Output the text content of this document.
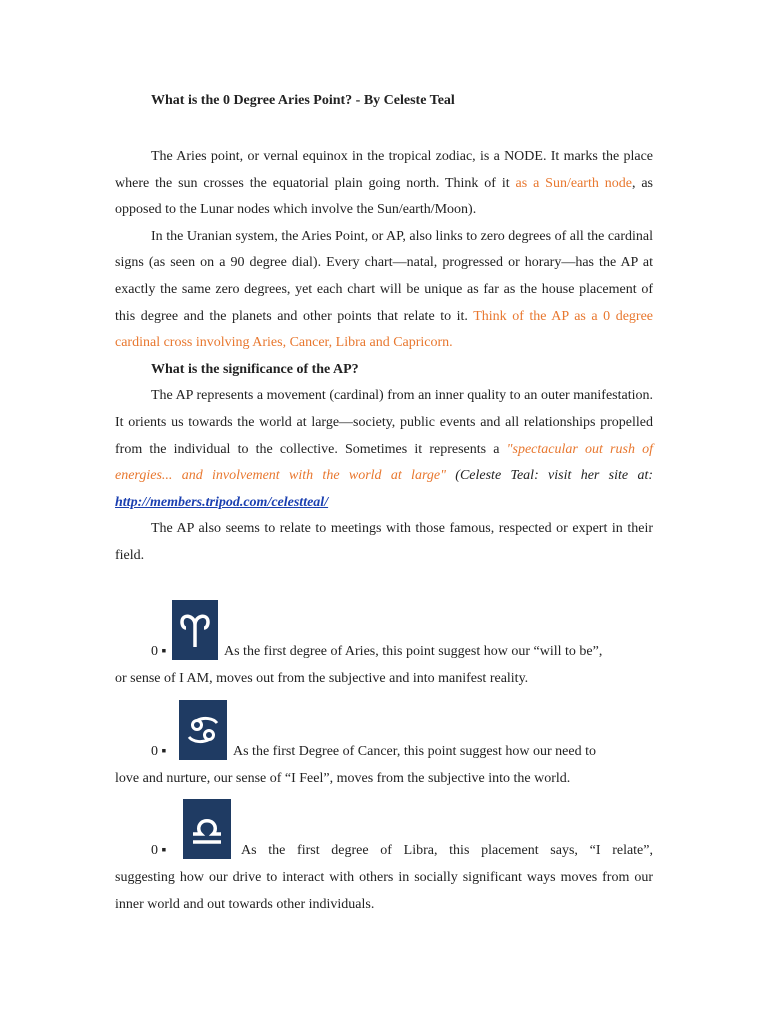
What is the 0 Degree Aries Point? - By Celeste Teal

The Aries point, or vernal equinox in the tropical zodiac, is a NODE. It marks the place where the sun crosses the equatorial plain going north. Think of it as a Sun/earth node, as opposed to the Lunar nodes which involve the Sun/earth/Moon).

In the Uranian system, the Aries Point, or AP, also links to zero degrees of all the cardinal signs (as seen on a 90 degree dial). Every chart—natal, progressed or horary—has the AP at exactly the same zero degrees, yet each chart will be unique as far as the house placement of this degree and the planets and other points that relate to it. Think of the AP as a 0 degree cardinal cross involving Aries, Cancer, Libra and Capricorn.

What is the significance of the AP?

The AP represents a movement (cardinal) from an inner quality to an outer manifestation. It orients us towards the world at large—society, public events and all relationships propelled from the individual to the collective. Sometimes it represents a "spectacular out rush of energies... and involvement with the world at large" (Celeste Teal: visit her site at: http://members.tripod.com/celestteal/

The AP also seems to relate to meetings with those famous, respected or expert in their field.

0 ▪	As the first degree of Aries, this point suggest how our “will to be”,

or sense of I AM, moves out from the subjective and into manifest reality.

0 ▪	As the first Degree of Cancer, this point suggest how our need to

love and nurture, our sense of “I Feel”, moves from the subjective into the world.

0 ▪	As the first degree of Libra, this placement says, “I relate”,

suggesting how our drive to interact with others in socially significant ways moves from our inner world and out towards other individuals.
